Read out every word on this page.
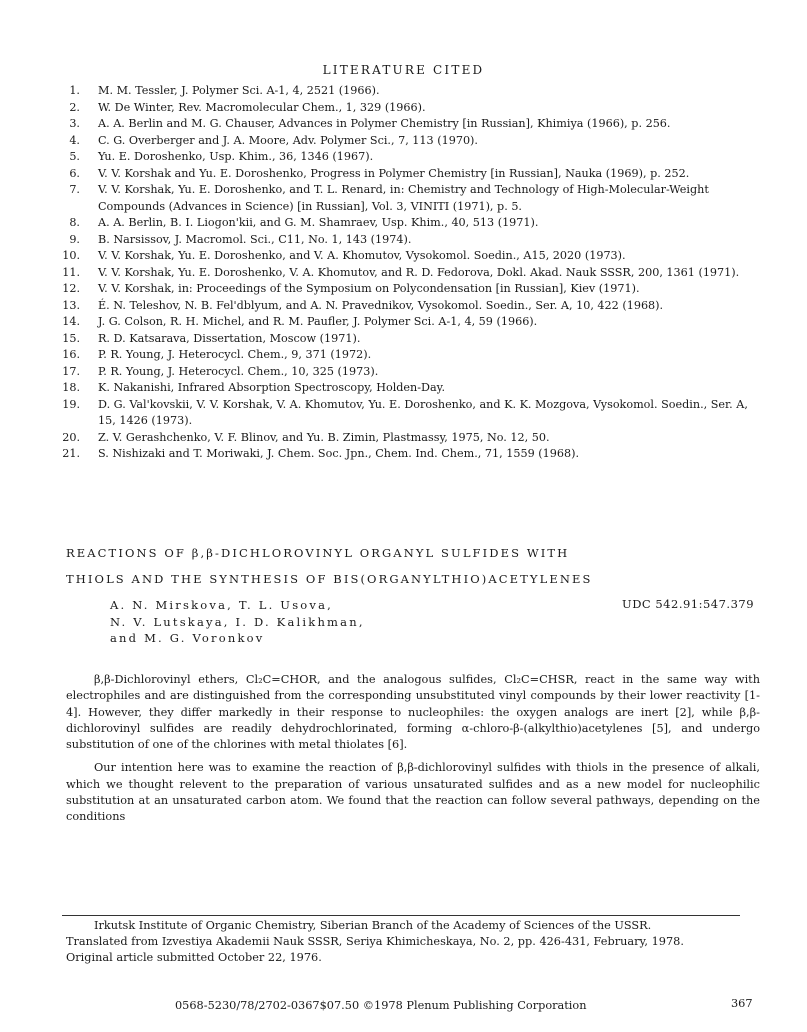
LITERATURE CITED
1. M. M. Tessler, J. Polymer Sci. A-1, 4, 2521 (1966).
2. W. De Winter, Rev. Macromolecular Chem., 1, 329 (1966).
3. A. A. Berlin and M. G. Chauser, Advances in Polymer Chemistry [in Russian], Khimiya (1966), p. 256.
4. C. G. Overberger and J. A. Moore, Adv. Polymer Sci., 7, 113 (1970).
5. Yu. E. Doroshenko, Usp. Khim., 36, 1346 (1967).
6. V. V. Korshak and Yu. E. Doroshenko, Progress in Polymer Chemistry [in Russian], Nauka (1969), p. 252.
7. V. V. Korshak, Yu. E. Doroshenko, and T. L. Renard, in: Chemistry and Technology of High-Molecular-Weight Compounds (Advances in Science) [in Russian], Vol. 3, VINITI (1971), p. 5.
8. A. A. Berlin, B. I. Liogon'kii, and G. M. Shamraev, Usp. Khim., 40, 513 (1971).
9. B. Narsissov, J. Macromol. Sci., C11, No. 1, 143 (1974).
10. V. V. Korshak, Yu. E. Doroshenko, and V. A. Khomutov, Vysokomol. Soedin., A15, 2020 (1973).
11. V. V. Korshak, Yu. E. Doroshenko, V. A. Khomutov, and R. D. Fedorova, Dokl. Akad. Nauk SSSR, 200, 1361 (1971).
12. V. V. Korshak, in: Proceedings of the Symposium on Polycondensation [in Russian], Kiev (1971).
13. É. N. Teleshov, N. B. Fel'dblyum, and A. N. Pravednikov, Vysokomol. Soedin., Ser. A, 10, 422 (1968).
14. J. G. Colson, R. H. Michel, and R. M. Paufler, J. Polymer Sci. A-1, 4, 59 (1966).
15. R. D. Katsarava, Dissertation, Moscow (1971).
16. P. R. Young, J. Heterocycl. Chem., 9, 371 (1972).
17. P. R. Young, J. Heterocycl. Chem., 10, 325 (1973).
18. K. Nakanishi, Infrared Absorption Spectroscopy, Holden-Day.
19. D. G. Val'kovskii, V. V. Korshak, V. A. Khomutov, Yu. E. Doroshenko, and K. K. Mozgova, Vysokomol. Soedin., Ser. A, 15, 1426 (1973).
20. Z. V. Gerashchenko, V. F. Blinov, and Yu. B. Zimin, Plastmassy, 1975, No. 12, 50.
21. S. Nishizaki and T. Moriwaki, J. Chem. Soc. Jpn., Chem. Ind. Chem., 71, 1559 (1968).
REACTIONS OF β,β-DICHLOROVINYL ORGANYL SULFIDES WITH
THIOLS AND THE SYNTHESIS OF BIS(ORGANYLTHIO)ACETYLENES
A. N. Mirskova, T. L. Usova,
N. V. Lutskaya, I. D. Kalikhman,
and M. G. Voronkov
UDC 542.91:547.379

β,β-Dichlorovinyl ethers, Cl₂C=CHOR, and the analogous sulfides, Cl₂C=CHSR, react in the same way with electrophiles and are distinguished from the corresponding unsubstituted vinyl compounds by their lower reactivity [1-4]. However, they differ markedly in their response to nucleophiles: the oxygen analogs are inert [2], while β,β-dichlorovinyl sulfides are readily dehydrochlorinated, forming α-chloro-β-(alkylthio)acetylenes [5], and undergo substitution of one of the chlorines with metal thiolates [6].

Our intention here was to examine the reaction of β,β-dichlorovinyl sulfides with thiols in the presence of alkali, which we thought relevent to the preparation of various unsaturated sulfides and as a new model for nucleophilic substitution at an unsaturated carbon atom. We found that the reaction can follow several pathways, depending on the conditions

Irkutsk Institute of Organic Chemistry, Siberian Branch of the Academy of Sciences of the USSR.
Translated from Izvestiya Akademii Nauk SSSR, Seriya Khimicheskaya, No. 2, pp. 426-431, February, 1978.
Original article submitted October 22, 1976.
0568-5230/78/2702-0367$07.50 ©1978 Plenum Publishing Corporation	367
